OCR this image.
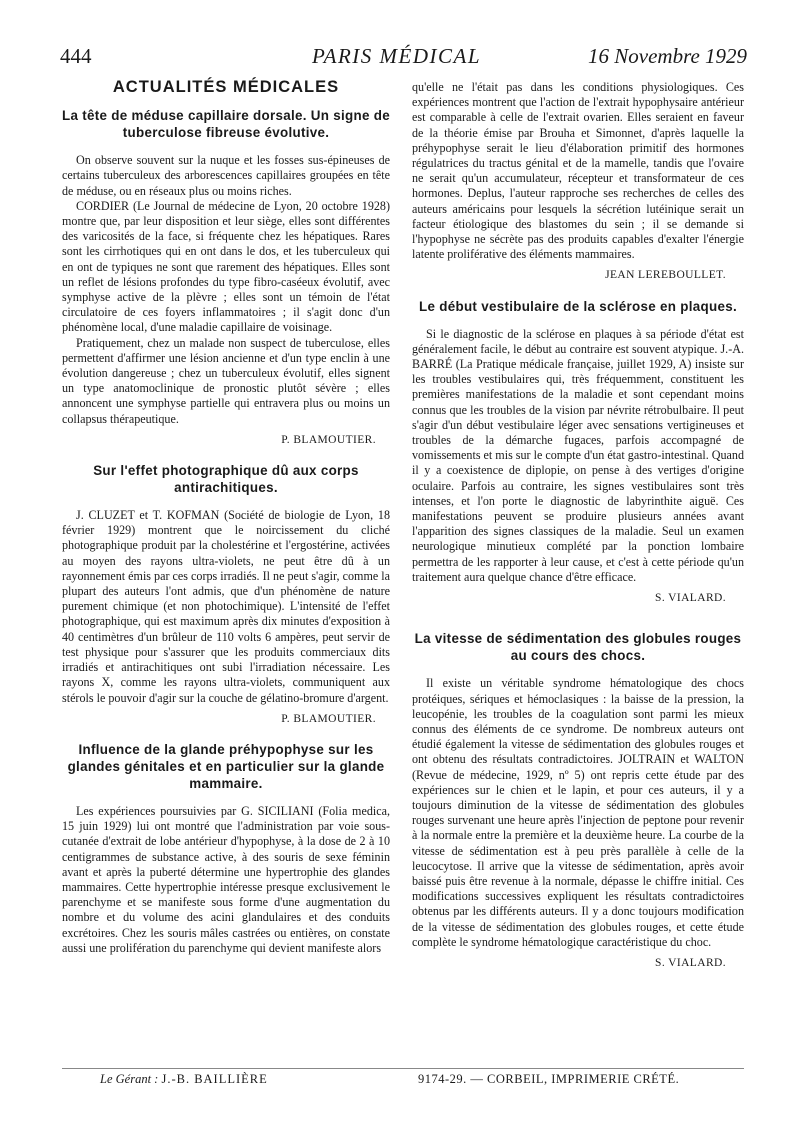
444	PARIS MÉDICAL	16 Novembre 1929
ACTUALITÉS MÉDICALES
La tête de méduse capillaire dorsale. Un signe de tuberculose fibreuse évolutive.

On observe souvent sur la nuque et les fosses sus-épineuses de certains tuberculeux des arborescences capillaires groupées en tête de méduse, ou en réseaux plus ou moins riches.

CORDIER (Le Journal de médecine de Lyon, 20 octobre 1928) montre que, par leur disposition et leur siège, elles sont différentes des varicosités de la face, si fréquente chez les hépatiques. Rares sont les cirrhotiques qui en ont dans le dos, et les tuberculeux qui en ont de typiques ne sont que rarement des hépatiques. Elles sont un reflet de lésions profondes du type fibro-caséeux évolutif, avec symphyse active de la plèvre ; elles sont un témoin de l'état circulatoire de ces foyers inflammatoires ; il s'agit donc d'un phénomène local, d'une maladie capillaire de voisinage.

Pratiquement, chez un malade non suspect de tuberculose, elles permettent d'affirmer une lésion ancienne et d'un type enclin à une évolution dangereuse ; chez un tuberculeux évolutif, elles signent un type anatomoclinique de pronostic plutôt sévère ; elles annoncent une symphyse partielle qui entravera plus ou moins un collapsus thérapeutique.

P. BLAMOUTIER.
Sur l'effet photographique dû aux corps antirachitiques.

J. CLUZET et T. KOFMAN (Société de biologie de Lyon, 18 février 1929) montrent que le noircissement du cliché photographique produit par la cholestérine et l'ergostérine, activées au moyen des rayons ultra-violets, ne peut être dû à un rayonnement émis par ces corps irradiés. Il ne peut s'agir, comme la plupart des auteurs l'ont admis, que d'un phénomène de nature purement chimique (et non photochimique). L'intensité de l'effet photographique, qui est maximum après dix minutes d'exposition à 40 centimètres d'un brûleur de 110 volts 6 ampères, peut servir de test physique pour s'assurer que les produits commerciaux dits irradiés et antirachitiques ont subi l'irradiation nécessaire. Les rayons X, comme les rayons ultra-violets, communiquent aux stérols le pouvoir d'agir sur la couche de gélatino-bromure d'argent.

P. BLAMOUTIER.
Influence de la glande préhypophyse sur les glandes génitales et en particulier sur la glande mammaire.

Les expériences poursuivies par G. SICILIANI (Folia medica, 15 juin 1929) lui ont montré que l'administration par voie sous-cutanée d'extrait de lobe antérieur d'hypophyse, à la dose de 2 à 10 centigrammes de substance active, à des souris de sexe féminin avant et après la puberté détermine une hypertrophie des glandes mammaires. Cette hypertrophie intéresse presque exclusivement le parenchyme et se manifeste sous forme d'une augmentation du nombre et du volume des acini glandulaires et des conduits excrétoires. Chez les souris mâles castrées ou entières, on constate aussi une prolifération du parenchyme qui devient manifeste alors

qu'elle ne l'était pas dans les conditions physiologiques. Ces expériences montrent que l'action de l'extrait hypophysaire antérieur est comparable à celle de l'extrait ovarien. Elles seraient en faveur de la théorie émise par Brouha et Simonnet, d'après laquelle la préhypophyse serait le lieu d'élaboration primitif des hormones régulatrices du tractus génital et de la mamelle, tandis que l'ovaire ne serait qu'un accumulateur, récepteur et transformateur de ces hormones. Deplus, l'auteur rapproche ses recherches de celles des auteurs américains pour lesquels la sécrétion lutéinique serait un facteur étiologique des blastomes du sein ; il se demande si l'hypophyse ne sécrète pas des produits capables d'exalter l'énergie latente proliférative des éléments mammaires.

JEAN LEREBOULLET.
Le début vestibulaire de la sclérose en plaques.

Si le diagnostic de la sclérose en plaques à sa période d'état est généralement facile, le début au contraire est souvent atypique. J.-A. BARRÉ (La Pratique médicale française, juillet 1929, A) insiste sur les troubles vestibulaires qui, très fréquemment, constituent les premières manifestations de la maladie et sont cependant moins connus que les troubles de la vision par névrite rétrobulbaire. Il peut s'agir d'un début vestibulaire léger avec sensations vertigineuses et troubles de la démarche fugaces, parfois accompagné de vomissements et mis sur le compte d'un état gastro-intestinal. Quand il y a coexistence de diplopie, on pense à des vertiges d'origine oculaire. Parfois au contraire, les signes vestibulaires sont très intenses, et l'on porte le diagnostic de labyrinthite aiguë. Ces manifestations peuvent se produire plusieurs années avant l'apparition des signes classiques de la maladie. Seul un examen neurologique minutieux complété par la ponction lombaire permettra de les rapporter à leur cause, et c'est à cette période qu'un traitement aura quelque chance d'être efficace.

S. VIALARD.
La vitesse de sédimentation des globules rouges au cours des chocs.

Il existe un véritable syndrome hématologique des chocs protéiques, sériques et hémoclasiques : la baisse de la pression, la leucopénie, les troubles de la coagulation sont parmi les mieux connus des éléments de ce syndrome. De nombreux auteurs ont étudié également la vitesse de sédimentation des globules rouges et ont obtenu des résultats contradictoires. JOLTRAIN et WALTON (Revue de médecine, 1929, nº 5) ont repris cette étude par des expériences sur le chien et le lapin, et pour ces auteurs, il y a toujours diminution de la vitesse de sédimentation des globules rouges survenant une heure après l'injection de peptone pour revenir à la normale entre la première et la deuxième heure. La courbe de la vitesse de sédimentation est à peu près parallèle à celle de la leucocytose. Il arrive que la vitesse de sédimentation, après avoir baissé puis être revenue à la normale, dépasse le chiffre initial. Ces modifications successives expliquent les résultats contradictoires obtenus par les différents auteurs. Il y a donc toujours modification de la vitesse de sédimentation des globules rouges, et cette étude complète le syndrome hématologique caractéristique du choc.

S. VIALARD.
Le Gérant : J.-B. BAILLIÈRE	9174-29. — CORBEIL, IMPRIMERIE CRÉTÉ.
